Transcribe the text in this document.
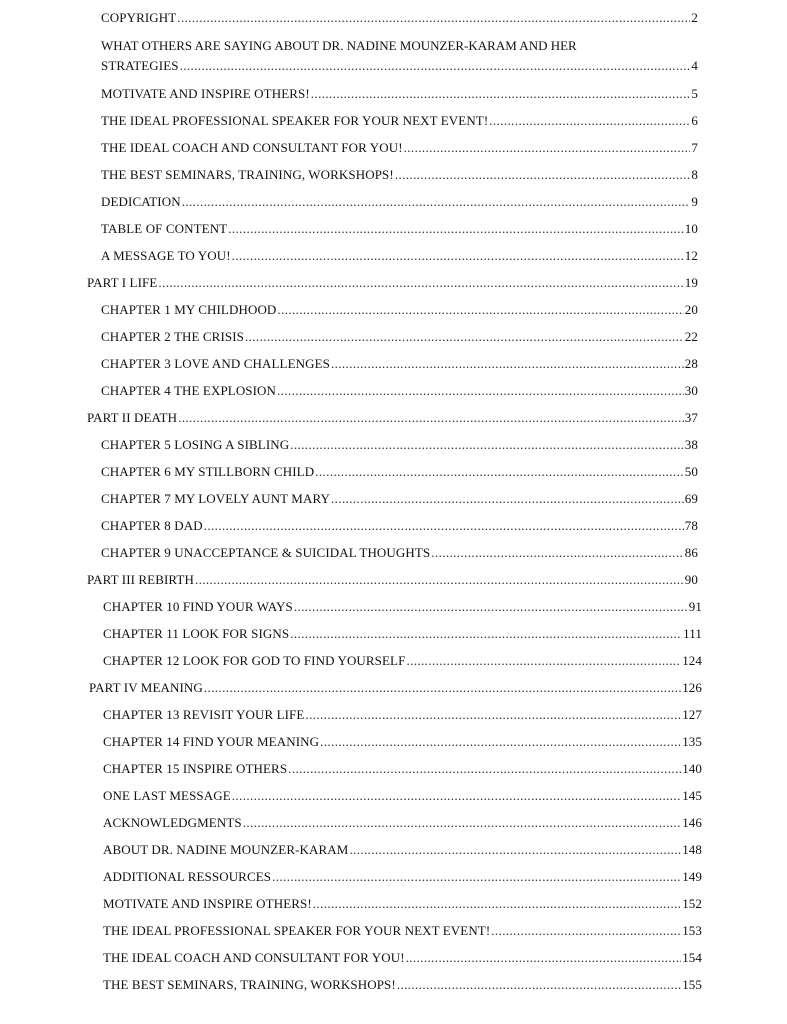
COPYRIGHT .....	2
WHAT OTHERS ARE SAYING ABOUT DR. NADINE MOUNZER-KARAM AND HER
STRATEGIES .....	4
MOTIVATE AND INSPIRE OTHERS! .....	5
THE IDEAL PROFESSIONAL SPEAKER FOR YOUR NEXT EVENT! .....	6
THE IDEAL COACH AND CONSULTANT FOR YOU! .....	7
THE BEST SEMINARS, TRAINING, WORKSHOPS! .....	8
DEDICATION .....	9
TABLE OF CONTENT .....	10
A MESSAGE TO YOU! .....	12
PART I LIFE .....	19
CHAPTER 1 MY CHILDHOOD .....	20
CHAPTER 2 THE CRISIS .....	22
CHAPTER 3 LOVE AND CHALLENGES .....	28
CHAPTER 4 THE EXPLOSION .....	30
PART II DEATH .....	37
CHAPTER 5 LOSING A SIBLING .....	38
CHAPTER 6 MY STILLBORN CHILD .....	50
CHAPTER 7 MY LOVELY AUNT MARY .....	69
CHAPTER 8 DAD .....	78
CHAPTER 9 UNACCEPTANCE & SUICIDAL THOUGHTS .....	86
PART III REBIRTH .....	90
CHAPTER 10 FIND YOUR WAYS .....	91
CHAPTER 11 LOOK FOR SIGNS .....	111
CHAPTER 12 LOOK FOR GOD TO FIND YOURSELF .....	124
PART IV MEANING .....	126
CHAPTER 13 REVISIT YOUR LIFE .....	127
CHAPTER 14 FIND YOUR MEANING .....	135
CHAPTER 15 INSPIRE OTHERS .....	140
ONE LAST MESSAGE .....	145
ACKNOWLEDGMENTS .....	146
ABOUT DR. NADINE MOUNZER-KARAM .....	148
ADDITIONAL RESSOURCES .....	149
MOTIVATE AND INSPIRE OTHERS! .....	152
THE IDEAL PROFESSIONAL SPEAKER FOR YOUR NEXT EVENT! .....	153
THE IDEAL COACH AND CONSULTANT FOR YOU! .....	154
THE BEST SEMINARS, TRAINING, WORKSHOPS! .....	155
